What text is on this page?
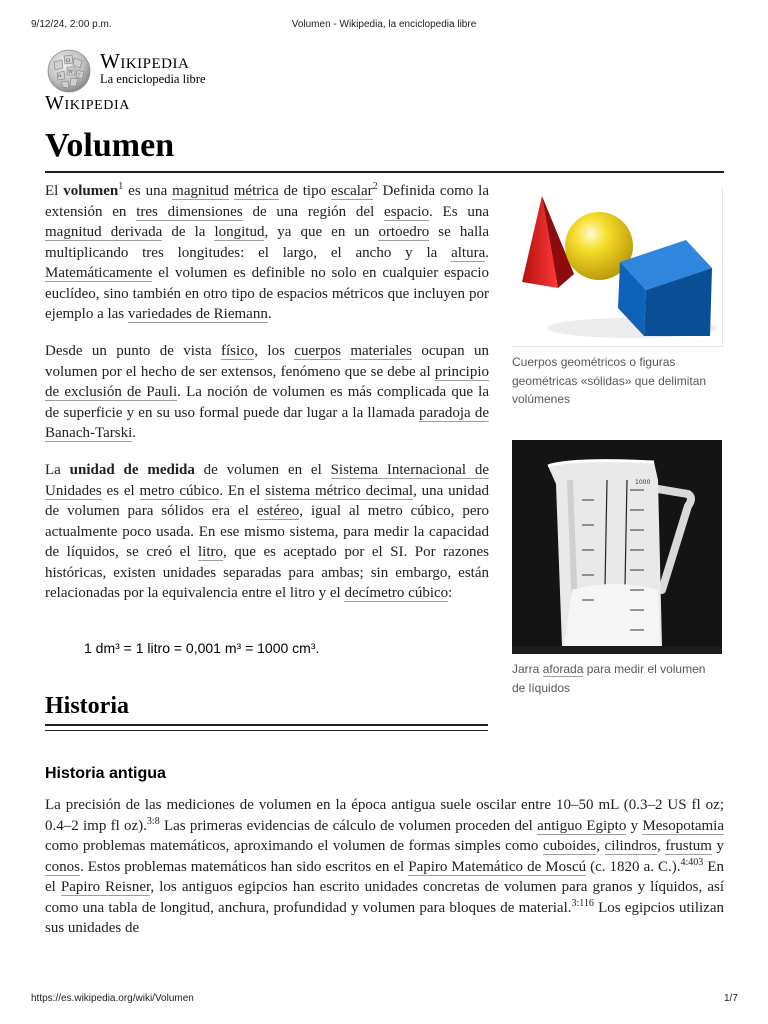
9/12/24, 2:00 p.m.	Volumen - Wikipedia, la enciclopedia libre
https://es.wikipedia.org/wiki/Volumen	1/7
Ω
W
И	ウ
Wikipedia
La enciclopedia libre
Wikipedia
Volumen

El volumen$^1$ es una magnitud métrica de tipo escalar$^2$ Definida como la extensión en tres dimensiones de una región del espacio. Es una magnitud derivada de la longitud, ya que en un ortoedro se halla multiplicando tres longitudes: el largo, el ancho y la altura. Matemáticamente el volumen es definible no solo en cualquier espacio euclídeo, sino también en otro tipo de espacios métricos que incluyen por ejemplo a las variedades de Riemann.

Desde un punto de vista físico, los cuerpos materiales ocupan un volumen por el hecho de ser extensos, fenómeno que se debe al principio de exclusión de Pauli. La noción de volumen es más complicada que la de superficie y en su uso formal puede dar lugar a la llamada paradoja de Banach-Tarski.

La unidad de medida de volumen en el Sistema Internacional de Unidades es el metro cúbico. En el sistema métrico decimal, una unidad de volumen para sólidos era el estéreo, igual al metro cúbico, pero actualmente poco usada. En ese mismo sistema, para medir la capacidad de líquidos, se creó el litro, que es aceptado por el SI. Por razones históricas, existen unidades separadas para ambas; sin embargo, están relacionadas por la equivalencia entre el litro y el decímetro cúbico:

1 dm³ = 1 litro = 0,001 m³ = 1000 cm³.

Historia
Historia antigua

La precisión de las mediciones de volumen en la época antigua suele oscilar entre 10–50 mL (0.3–2 US fl oz; 0.4–2 imp fl oz).$^{3:8}$ Las primeras evidencias de cálculo de volumen proceden del antiguo Egipto y Mesopotamia como problemas matemáticos, aproximando el volumen de formas simples como cuboides, cilindros, frustum y conos. Estos problemas matemáticos han sido escritos en el Papiro Matemático de Moscú (c. 1820 a. C.).$^{4:403}$ En el Papiro Reisner, los antiguos egipcios han escrito unidades concretas de volumen para granos y líquidos, así como una tabla de longitud, anchura, profundidad y volumen para bloques de material.$^{3:116}$ Los egipcios utilizan sus unidades de

Cuerpos geométricos o figuras geométricas «sólidas» que delimitan volúmenes

1000

Jarra aforada para medir el volumen de líquidos
